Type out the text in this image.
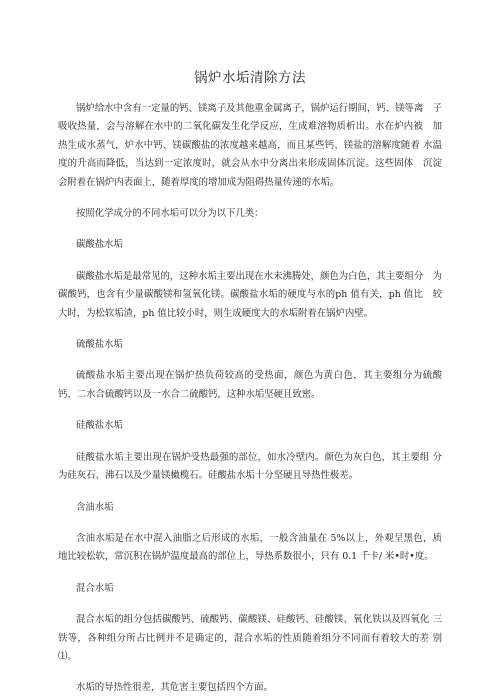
锅炉水垢清除方法

锅炉给水中含有一定量的钙、镁离子及其他重金属离子，锅炉运行期间，钙、镁等离　子吸收热量，会与溶解在水中的二氧化碳发生化学反应，生成难溶物质析出。水在炉内被　加热生成水蒸气，炉水中钙、镁碳酸盐的浓度越来越高，而且某些钙、镁盐的溶解度随着 水温度的升高而降低，当达到一定浓度时，就会从水中分离出来形成固体沉淀。这些固体　沉淀会附着在锅炉内表面上，随着厚度的增加成为阻碍热量传递的水垢。

按照化学成分的不同水垢可以分为以下几类：

碳酸盐水垢

碳酸盐水垢是最常见的，这种水垢主要出现在水未沸腾处，颜色为白色，其主要组分　为碳酸钙，也含有少量碳酸镁和氢氧化镁。碳酸盐水垢的硬度与水的ph 值有关，ph 值比　较大时，为松软垢渣，ph 值比较小时，则生成硬度大的水垢附着在锅炉内壁。

硫酸盐水垢

硫酸盐水垢主要出现在锅炉热负荷较高的受热面，颜色为黄白色，其主要组分为硫酸 钙、二水合硫酸钙以及一水合二硫酸钙，这种水垢坚硬且致密。

硅酸盐水垢

硅酸盐水垢主要出现在锅炉受热最强的部位，如水冷壁内。颜色为灰白色，其主要组 分为硅灰石、沸石以及少量镁橄榄石。硅酸盐水垢十分坚硬且导热性极差。

含油水垢

含油水垢是在水中混入油脂之后形成的水垢，一般含油量在 5%以上，外观呈黑色，质　地比较松软，常沉积在锅炉温度最高的部位上，导热系数很小，只有 0.1 千卡/ 米•时•度。

混合水垢

混合水垢的组分包括碳酸钙、硫酸钙、碳酸镁、硅酸钙、硅酸镁、氧化铁以及四氧化 三铁等，各种组分所占比例并不是确定的，混合水垢的性质随着组分不同而有着较大的差 别⑴。

水垢的导热性很差，其危害主要包括四个方面。
